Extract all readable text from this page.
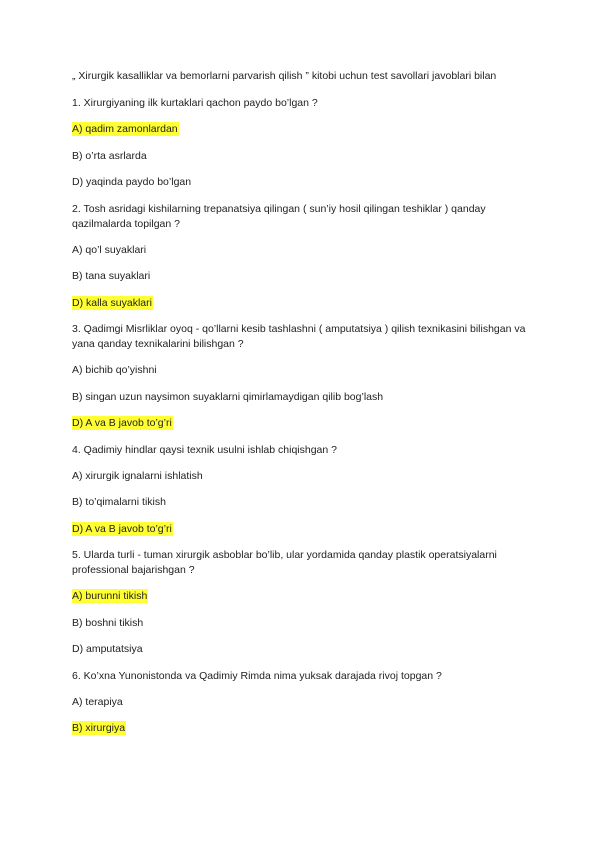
„ Xirurgik kasalliklar va bemorlarni parvarish qilish ” kitobi uchun test savollari javoblari bilan

1. Xirurgiyaning ilk kurtaklari qachon paydo bo’lgan ?

A) qadim zamonlardan

B) o’rta asrlarda

D) yaqinda paydo bo’lgan

2. Tosh asridagi kishilarning trepanatsiya qilingan ( sun’iy hosil qilingan teshiklar ) qanday qazilmalarda topilgan ?

A) qo’l suyaklari

B) tana suyaklari

D) kalla suyaklari

3. Qadimgi Misrliklar oyoq - qo’llarni kesib tashlashni ( amputatsiya ) qilish texnikasini bilishgan va yana qanday texnikalarini bilishgan ?

A) bichib qo’yishni

B) singan uzun naysimon suyaklarni qimirlamaydigan qilib bog’lash

D) A va B javob to’g’ri

4. Qadimiy hindlar qaysi texnik usulni ishlab chiqishgan ?

A) xirurgik ignalarni ishlatish

B) to’qimalarni tikish

D) A va B javob to’g’ri

5. Ularda turli - tuman xirurgik asboblar bo’lib, ular yordamida qanday plastik operatsiyalarni professional bajarishgan ?

A) burunni tikish

B) boshni tikish

D) amputatsiya

6. Ko’xna Yunonistonda va Qadimiy Rimda nima yuksak darajada rivoj topgan ?

A) terapiya

B) xirurgiya
